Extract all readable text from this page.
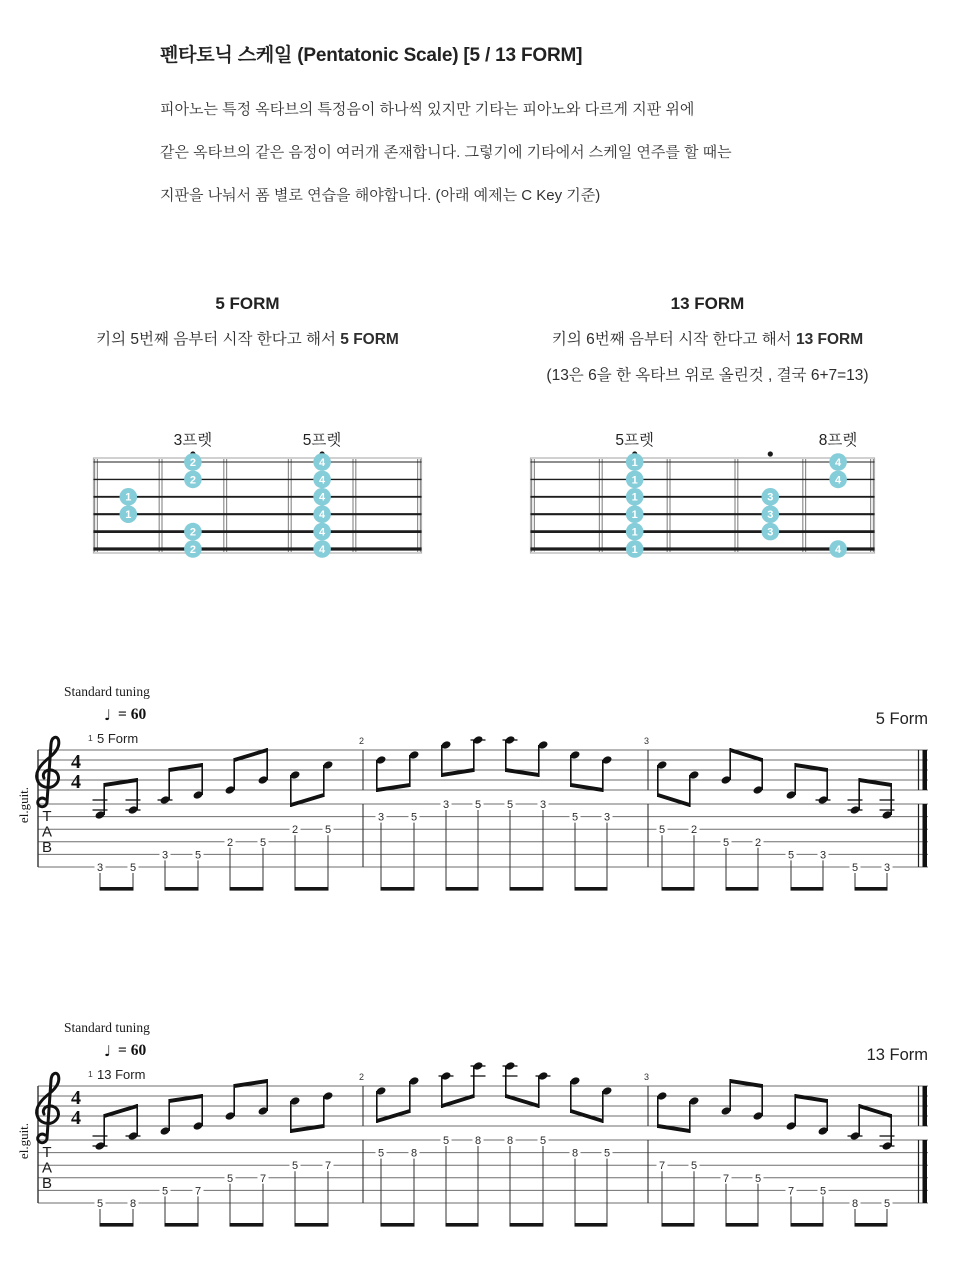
펜타토닉 스케일 (Pentatonic Scale) [5 / 13 FORM]
피아노는 특정 옥타브의 특정음이 하나씩 있지만 기타는 피아노와 다르게 지판 위에
같은 옥타브의 같은 음정이 여러개 존재합니다. 그렇기에 기타에서 스케일 연주를 할 때는
지판을 나눠서 폼 별로 연습을 해야합니다. (아래 예제는 C Key 기준)
5 FORM
키의 5번째 음부터 시작 한다고 해서 5 FORM
13 FORM
키의 6번째 음부터 시작 한다고 해서 13 FORM
(13은 6을 한 옥타브 위로 올린것 , 결국 6+7=13)
3프렛	5프렛
2
2
1
1
2
2
4
4
4
4
4
4
5프렛	8프렛
1
1
1
1
1
1
3
3
3
4
4
4
Standard tuning
♩ = 60
1 5 Form
5 Form
el.guit.
2	3
4
4
T
A
B
3 5
3 5
2 5
2 5
3 5
3 5 5 3
5 3
5 2
5 2
5 3
5 3
Standard tuning
♩ = 60
1 13 Form
13 Form
el.guit.
2	3
4
4
T
A
B
5 8
5 7
5 7
5 7
5 8
5 8 8 5
8 5
7 5
7 5
7 5
8 5
